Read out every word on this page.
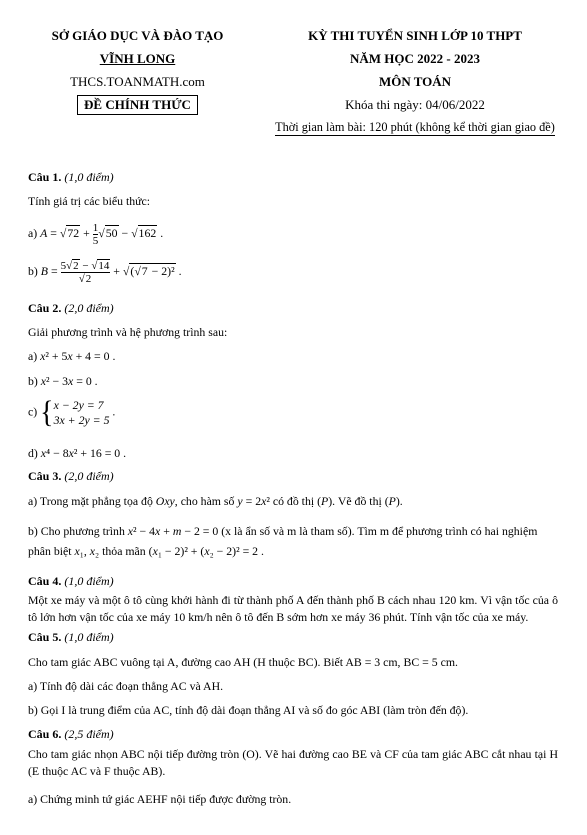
SỞ GIÁO DỤC VÀ ĐÀO TẠO
VĨNH LONG
THCS.TOANMATH.com
ĐỀ CHÍNH THỨC
KỲ THI TUYỂN SINH LỚP 10 THPT
NĂM HỌC 2022 - 2023
MÔN TOÁN
Khóa thi ngày: 04/06/2022
Thời gian làm bài: 120 phút (không kể thời gian giao đề)
Câu 1. (1,0 điểm)
Tính giá trị các biểu thức:
a) $A = √72 + \frac{1}{5} √50 - √162$ .
b) $B = \frac{5√2 - √14}{√2} + √(√7 - 2)^2$ .
Câu 2. (2,0 điểm)
Giải phương trình và hệ phương trình sau:
a) x² + 5x + 4 = 0 .
b) x² − 3x = 0 .
c) {x − 2y = 7
3x + 2y = 5 .
d) x⁴ − 8x² + 16 = 0 .
Câu 3. (2,0 điểm)
a) Trong mặt phẳng tọa độ Oxy, cho hàm số y = 2x² có đồ thị (P). Vẽ đồ thị (P).
b) Cho phương trình x² − 4x + m − 2 = 0 (x là ẩn số và m là tham số). Tìm m để phương trình có hai nghiệm
phân biệt x₁, x₂ thỏa mãn (x₁ − 2)² + (x₂ − 2)² = 2 .
Câu 4. (1,0 điểm)
Một xe máy và một ô tô cùng khởi hành đi từ thành phố A đến thành phố B cách nhau 120 km. Vì vận tốc của ô tô lớn hơn vận tốc của xe máy 10 km/h nên ô tô đến B sớm hơn xe máy 36 phút. Tính vận tốc của xe máy.
Câu 5. (1,0 điểm)
Cho tam giác ABC vuông tại A, đường cao AH (H thuộc BC). Biết AB = 3 cm, BC = 5 cm.
a) Tính độ dài các đoạn thẳng AC và AH.
b) Gọi I là trung điểm của AC, tính độ dài đoạn thẳng AI và số đo góc ABI (làm tròn đến độ).
Câu 6. (2,5 điểm)
Cho tam giác nhọn ABC nội tiếp đường tròn (O). Vẽ hai đường cao BE và CF của tam giác ABC cắt nhau tại H (E thuộc AC và F thuộc AB).
a) Chứng minh tứ giác AEHF nội tiếp được đường tròn.
